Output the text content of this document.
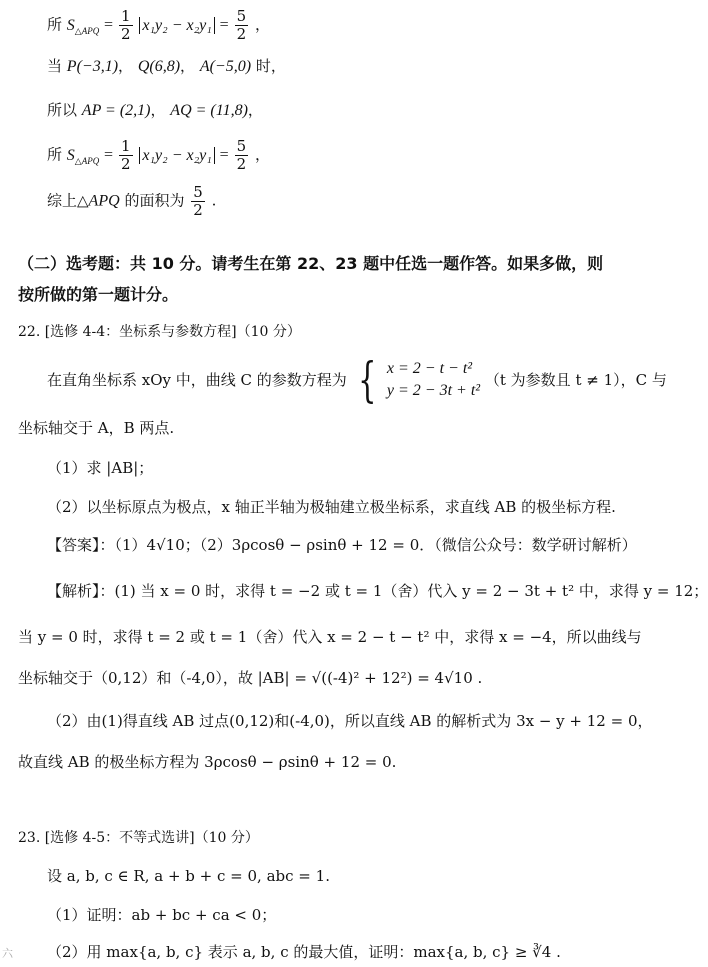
所 $S_{\triangle APQ} = \frac{1}{2} x_1y_2 - x_2y_1 = \frac{5}{2}$ ，
当 P(−3,1)， Q(6,8)， A(−5,0) 时，
所以 AP = (2,1)， AQ = (11,8)，
所 $S_{\triangle APQ} = \frac{1}{2} x_1y_2 - x_2y_1 = \frac{5}{2}$ ，
综上△APQ 的面积为 $\frac{5}{2}$ .
（二）选考题：共 10 分。请考生在第 22、23 题中任选一题作答。如果多做，则
按所做的第一题计分。
22. [选修 4-4：坐标系与参数方程]（10 分）
在直角坐标系 xOy 中，曲线 C 的参数方程为 { x = 2 − t − t²
y = 2 − 3t + t²
（t 为参数且 t ≠ 1），C 与
坐标轴交于 A，B 两点.
（1）求 |AB|；
（2）以坐标原点为极点，x 轴正半轴为极轴建立极坐标系，求直线 AB 的极坐标方程.
【答案】：（1）4√10；（2）3ρcosθ − ρsinθ + 12 = 0．（微信公众号：数学研讨解析）
【解析】：(1) 当 x = 0 时，求得 t = −2 或 t = 1（舍）代入 y = 2 − 3t + t² 中，求得 y = 12；
当 y = 0 时，求得 t = 2 或 t = 1（舍）代入 x = 2 − t − t² 中，求得 x = −4，所以曲线与
坐标轴交于（0,12）和（-4,0），故 |AB| = √((-4)² + 12²) = 4√10 .
（2）由(1)得直线 AB 过点(0,12)和(-4,0)，所以直线 AB 的解析式为 3x − y + 12 = 0，
故直线 AB 的极坐标方程为 3ρcosθ − ρsinθ + 12 = 0.
23. [选修 4-5：不等式选讲]（10 分）
设 a, b, c ∈ R, a + b + c = 0, abc = 1.
（1）证明：ab + bc + ca < 0；
（2）用 max{a, b, c} 表示 a, b, c 的最大值，证明：max{a, b, c} ≥ ∛4 .
六
